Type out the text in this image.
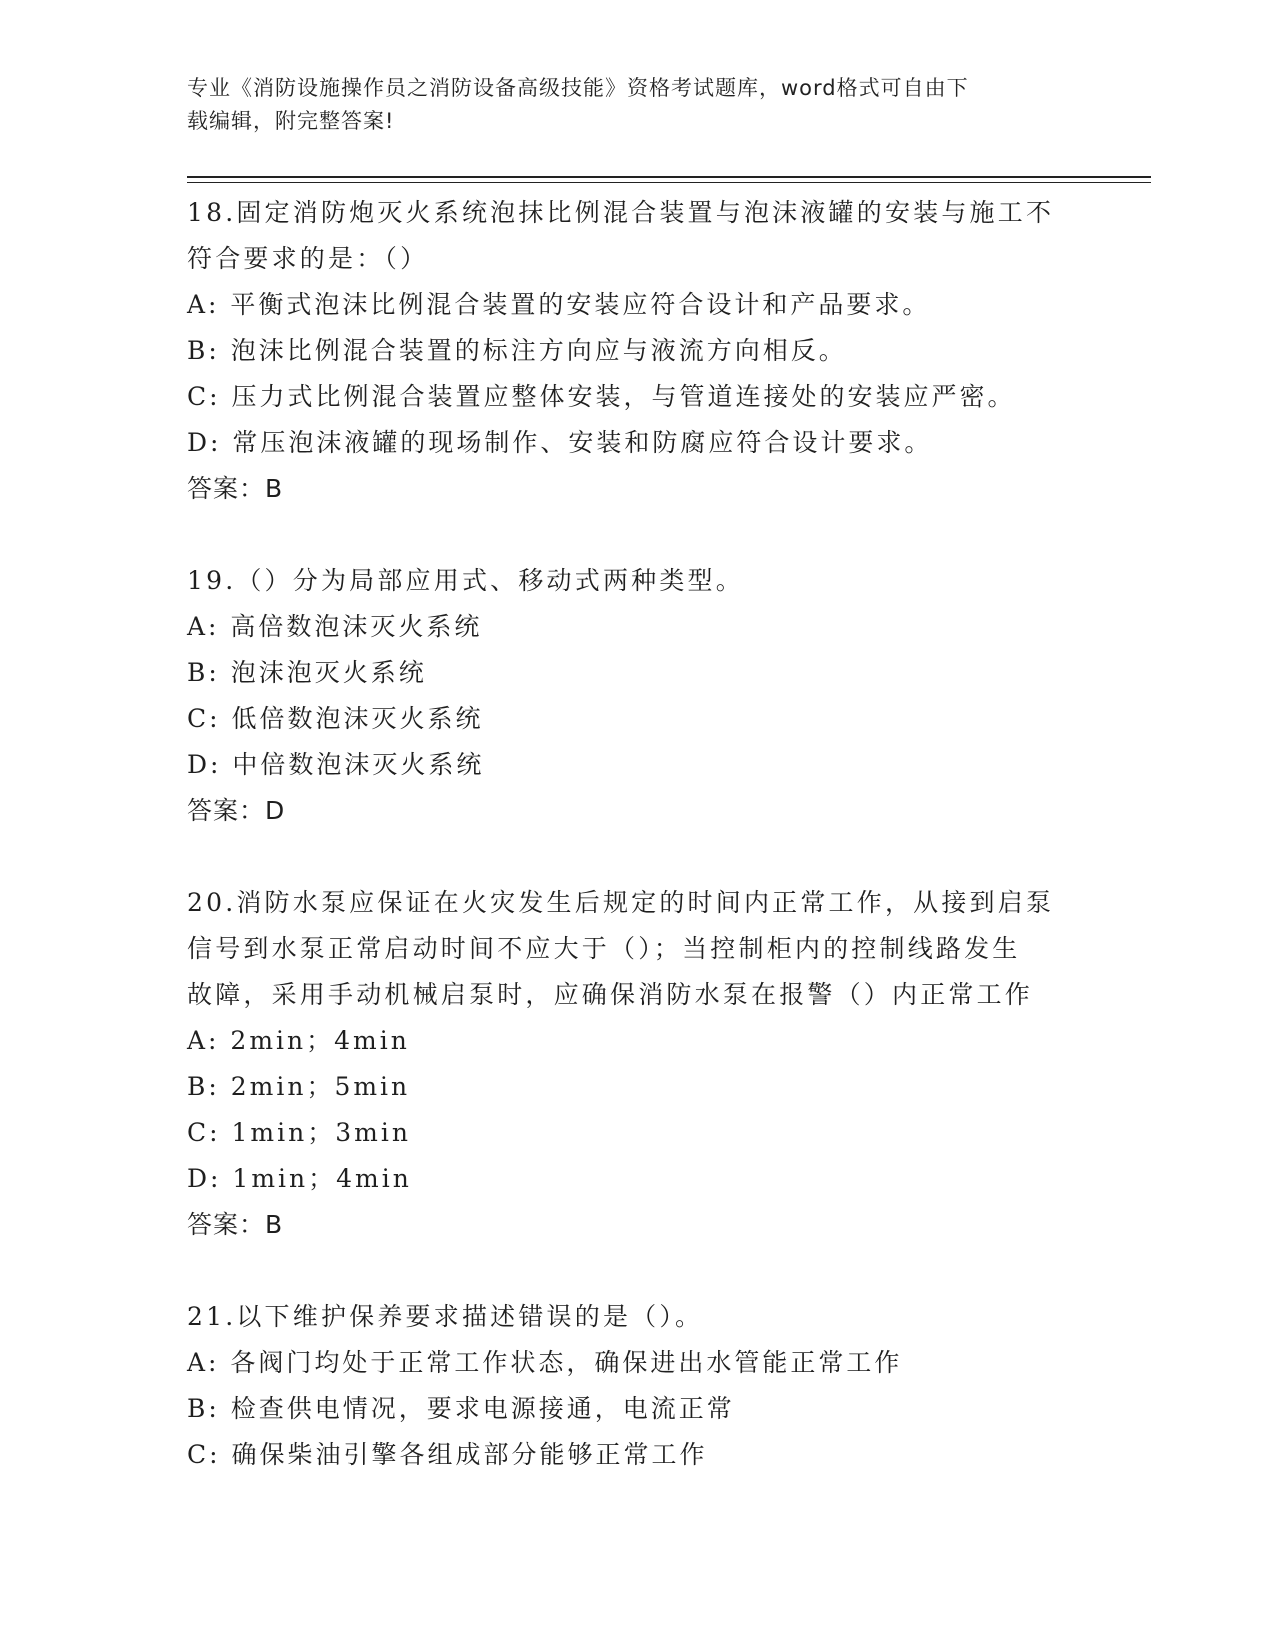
专业《消防设施操作员之消防设备高级技能》资格考试题库，word格式可自由下
载编辑，附完整答案!
18.固定消防炮灭火系统泡抹比例混合装置与泡沫液罐的安装与施工不
符合要求的是：（）
A: 平衡式泡沫比例混合装置的安装应符合设计和产品要求。
B: 泡沫比例混合装置的标注方向应与液流方向相反。
C: 压力式比例混合装置应整体安装，与管道连接处的安装应严密。
D: 常压泡沫液罐的现场制作、安装和防腐应符合设计要求。
答案：B
19.（）分为局部应用式、移动式两种类型。
A: 高倍数泡沫灭火系统
B: 泡沫泡灭火系统
C: 低倍数泡沫灭火系统
D: 中倍数泡沫灭火系统
答案：D
20.消防水泵应保证在火灾发生后规定的时间内正常工作，从接到启泵
信号到水泵正常启动时间不应大于（）；当控制柜内的控制线路发生
故障，采用手动机械启泵时，应确保消防水泵在报警（）内正常工作
A: 2min；4min
B: 2min；5min
C: 1min；3min
D: 1min；4min
答案：B
21.以下维护保养要求描述错误的是（）。
A: 各阀门均处于正常工作状态，确保进出水管能正常工作
B: 检查供电情况，要求电源接通，电流正常
C: 确保柴油引擎各组成部分能够正常工作
